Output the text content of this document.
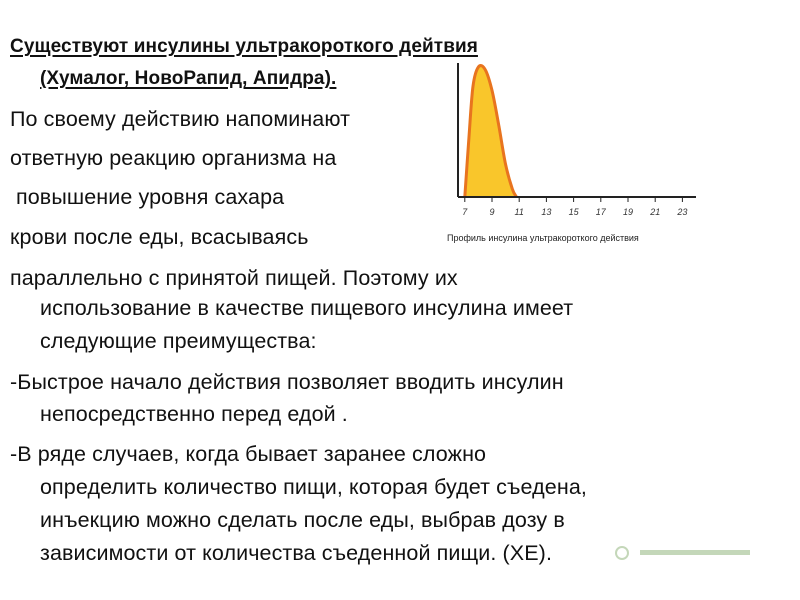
Существуют инсулины ультракороткого дейтвия
(Хумалог, НовоРапид, Апидра).
По своему действию напоминают
ответную реакцию организма на
повышение уровня сахара
крови после еды, всасываясь
параллельно с принятой пищей. Поэтому их
использование в качестве пищевого инсулина имеет
следующие преимущества:
-Быстрое начало действия позволяет вводить инсулин
непосредственно перед едой .
-В ряде случаев, когда бывает заранее сложно
определить количество пищи, которая будет съедена,
инъекцию можно сделать после еды, выбрав дозу в
зависимости от количества съеденной пищи. (ХЕ).
7 9 11 13 15 17 19 21 23
Профиль инсулина ультракороткого действия
